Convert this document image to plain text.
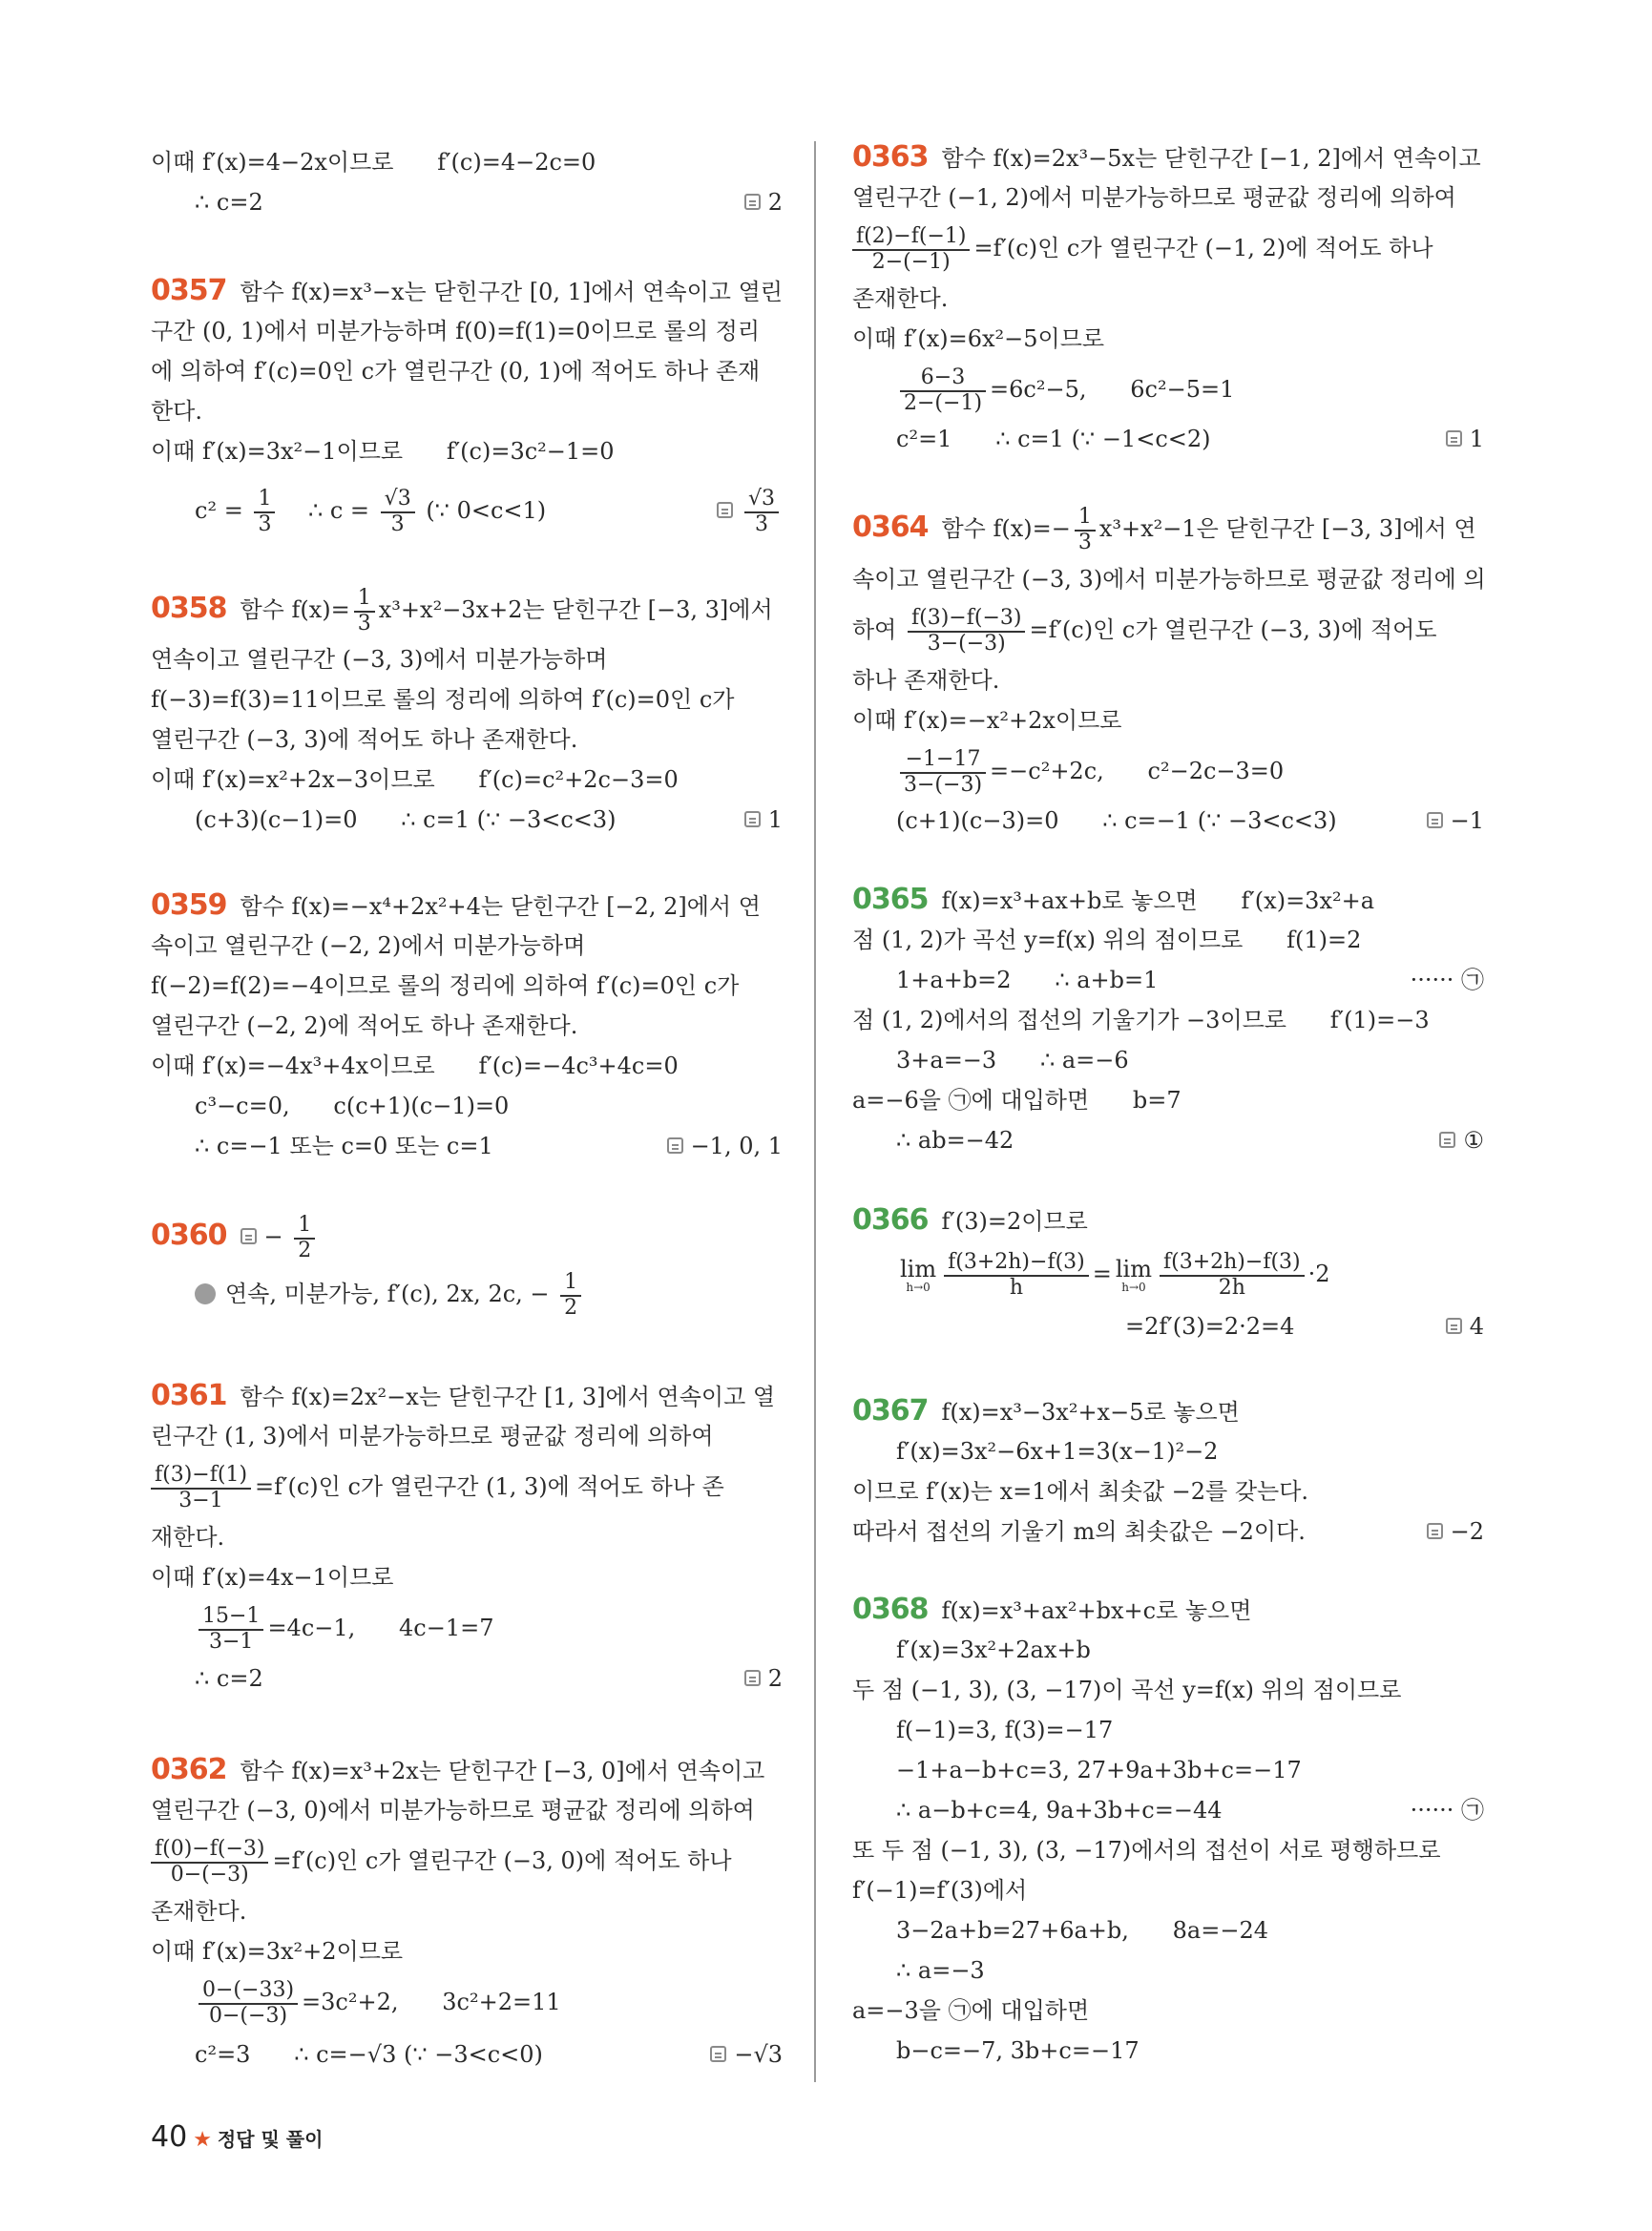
이때 f′(x)=4−2x이므로      f′(c)=4−2c=0
∴ c=2
	2
0357 함수 f(x)=x³−x는 닫힌구간 [0, 1]에서 연속이고 열린
구간 (0, 1)에서 미분가능하며 f(0)=f(1)=0이므로 롤의 정리
에 의하여 f′(c)=0인 c가 열린구간 (0, 1)에 적어도 하나 존재
한다.
이때 f′(x)=3x²−1이므로      f′(c)=3c²−1=0
$c^2 = \frac{1}{3}$ ∴ $c = \frac{√3}{3}$ (∵ 0<c<1)
	$\frac{√3}{3}$
0358 함수 $f(x)= \frac{1}{3} x^3+x^2-3x+2$는 닫힌구간 [−3, 3]에서
연속이고 열린구간 (−3, 3)에서 미분가능하며
f(−3)=f(3)=11이므로 롤의 정리에 의하여 f′(c)=0인 c가
열린구간 (−3, 3)에 적어도 하나 존재한다.
이때 f′(x)=x²+2x−3이므로      f′(c)=c²+2c−3=0
(c+3)(c−1)=0      ∴ c=1 (∵ −3<c<3)
	1
0359 함수 f(x)=−x⁴+2x²+4는 닫힌구간 [−2, 2]에서 연
속이고 열린구간 (−2, 2)에서 미분가능하며
f(−2)=f(2)=−4이므로 롤의 정리에 의하여 f′(c)=0인 c가
열린구간 (−2, 2)에 적어도 하나 존재한다.
이때 f′(x)=−4x³+4x이므로      f′(c)=−4c³+4c=0
c³−c=0,      c(c+1)(c−1)=0
∴ c=−1 또는 c=0 또는 c=1
	−1, 0, 1
$0360 - \frac{1}{2}$
연속, 미분가능, f′(c), 2x, 2c, − $\frac{1}{2}$
0361 함수 f(x)=2x²−x는 닫힌구간 [1, 3]에서 연속이고 열
린구간 (1, 3)에서 미분가능하므로 평균값 정리에 의하여
$\frac{f(3)-f(1)}{3-1} =f'(c)$인 c가 열린구간 (1, 3)에 적어도 하나 존
재한다.
이때 f′(x)=4x−1이므로
$\frac{15-1}{3-1} =4c-1$,      4c−1=7
∴ c=2
	2
0362 함수 f(x)=x³+2x는 닫힌구간 [−3, 0]에서 연속이고
열린구간 (−3, 0)에서 미분가능하므로 평균값 정리에 의하여
$\frac{f(0)-f(-3)}{0-(-3)} =f'(c)$인 c가 열린구간 (−3, 0)에 적어도 하나
존재한다.
이때 f′(x)=3x²+2이므로
$\frac{0-(-33)}{0-(-3)} =3c^2+2$,      3c²+2=11
c²=3      ∴ c=−√3 (∵ −3<c<0)
	−√3
0363 함수 f(x)=2x³−5x는 닫힌구간 [−1, 2]에서 연속이고
열린구간 (−1, 2)에서 미분가능하므로 평균값 정리에 의하여
$\frac{f(2)-f(-1)}{2-(-1)} =f'(c)$인 c가 열린구간 (−1, 2)에 적어도 하나
존재한다.
이때 f′(x)=6x²−5이므로
$\frac{6-3}{2-(-1)} =6c^2-5$,      6c²−5=1
c²=1      ∴ c=1 (∵ −1<c<2)
	1
0364 함수 $f(x)=- \frac{1}{3} x^3+x^2-1$은 닫힌구간 [−3, 3]에서 연
속이고 열린구간 (−3, 3)에서 미분가능하므로 평균값 정리에 의
하여 $\frac{f(3)-f(-3)}{3-(-3)} =f'(c)$인 c가 열린구간 (−3, 3)에 적어도
하나 존재한다.
이때 f′(x)=−x²+2x이므로
$\frac{-1-17}{3-(-3)} =-c^2+2c$,      c²−2c−3=0
(c+1)(c−3)=0      ∴ c=−1 (∵ −3<c<3)
	−1
0365 f(x)=x³+ax+b로 놓으면      f′(x)=3x²+a
점 (1, 2)가 곡선 y=f(x) 위의 점이므로      f(1)=2
1+a+b=2      ∴ a+b=1	······ ㉠
점 (1, 2)에서의 접선의 기울기가 −3이므로      f′(1)=−3
3+a=−3      ∴ a=−6
a=−6을 ㉠에 대입하면      b=7
∴ ab=−42
	①
0366 f′(3)=2이므로
lim
$h\to 0 \frac{f(3+2h)-f(3)}{h} = \lim$
$h\to 0 \frac{f(3+2h)-f(3)}{2h} \cdot 2$
=2f′(3)=2·2=4
	4
0367 f(x)=x³−3x²+x−5로 놓으면
f′(x)=3x²−6x+1=3(x−1)²−2
이므로 f′(x)는 x=1에서 최솟값 −2를 갖는다.
따라서 접선의 기울기 m의 최솟값은 −2이다.
	−2
0368 f(x)=x³+ax²+bx+c로 놓으면
f′(x)=3x²+2ax+b
두 점 (−1, 3), (3, −17)이 곡선 y=f(x) 위의 점이므로
f(−1)=3, f(3)=−17
−1+a−b+c=3, 27+9a+3b+c=−17
∴ a−b+c=4, 9a+3b+c=−44	······ ㉠
또 두 점 (−1, 3), (3, −17)에서의 접선이 서로 평행하므로
f′(−1)=f′(3)에서
3−2a+b=27+6a+b,      8a=−24
∴ a=−3
a=−3을 ㉠에 대입하면
b−c=−7, 3b+c=−17
40 ★ 정답 및 풀이
